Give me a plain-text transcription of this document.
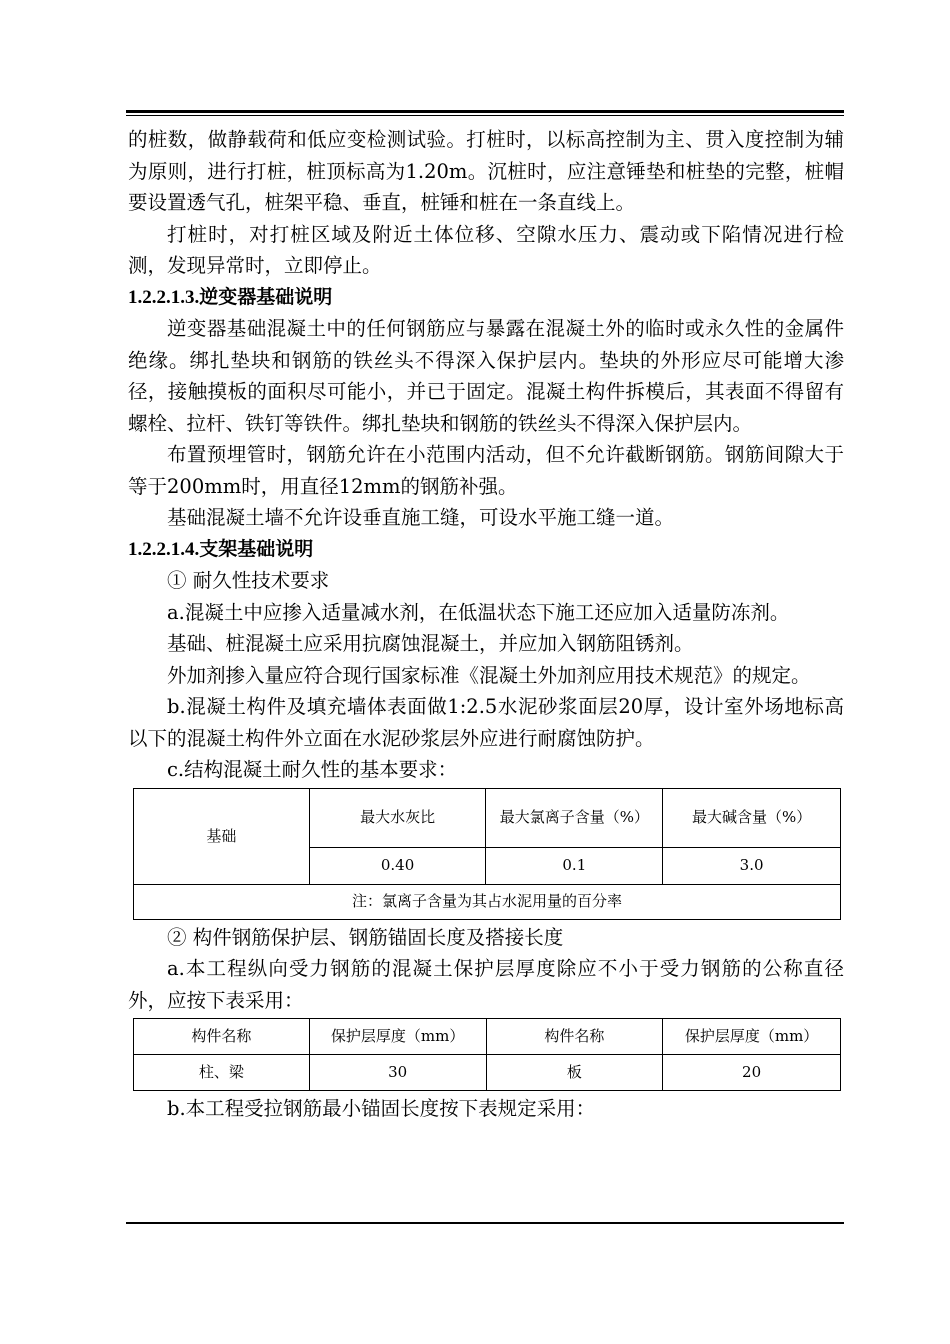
的桩数，做静载荷和低应变检测试验。打桩时，以标高控制为主、贯入度控制为辅为原则，进行打桩，桩顶标高为1.20m。沉桩时，应注意锤垫和桩垫的完整，桩帽要设置透气孔，桩架平稳、垂直，桩锤和桩在一条直线上。

打桩时，对打桩区域及附近土体位移、空隙水压力、震动或下陷情况进行检测，发现异常时，立即停止。

1.2.2.1.3.逆变器基础说明

逆变器基础混凝土中的任何钢筋应与暴露在混凝土外的临时或永久性的金属件绝缘。绑扎垫块和钢筋的铁丝头不得深入保护层内。垫块的外形应尽可能增大渗径，接触摸板的面积尽可能小，并已于固定。混凝土构件拆模后，其表面不得留有螺栓、拉杆、铁钉等铁件。绑扎垫块和钢筋的铁丝头不得深入保护层内。

布置预埋管时，钢筋允许在小范围内活动，但不允许截断钢筋。钢筋间隙大于等于200mm时，用直径12mm的钢筋补强。

基础混凝土墙不允许设垂直施工缝，可设水平施工缝一道。

1.2.2.1.4.支架基础说明

① 耐久性技术要求

a.混凝土中应掺入适量减水剂，在低温状态下施工还应加入适量防冻剂。

基础、桩混凝土应采用抗腐蚀混凝土，并应加入钢筋阻锈剂。

外加剂掺入量应符合现行国家标准《混凝土外加剂应用技术规范》的规定。

b.混凝土构件及填充墙体表面做1:2.5水泥砂浆面层20厚，设计室外场地标高以下的混凝土构件外立面在水泥砂浆层外应进行耐腐蚀防护。

c.结构混凝土耐久性的基本要求：

基础	最大水灰比	最大氯离子含量（%）	最大碱含量（%）
	0.40	0.1	3.0
注：氯离子含量为其占水泥用量的百分率			

② 构件钢筋保护层、钢筋锚固长度及搭接长度

a.本工程纵向受力钢筋的混凝土保护层厚度除应不小于受力钢筋的公称直径外，应按下表采用：

构件名称	保护层厚度（mm）	构件名称	保护层厚度（mm）
柱、梁	30	板	20

b.本工程受拉钢筋最小锚固长度按下表规定采用：
